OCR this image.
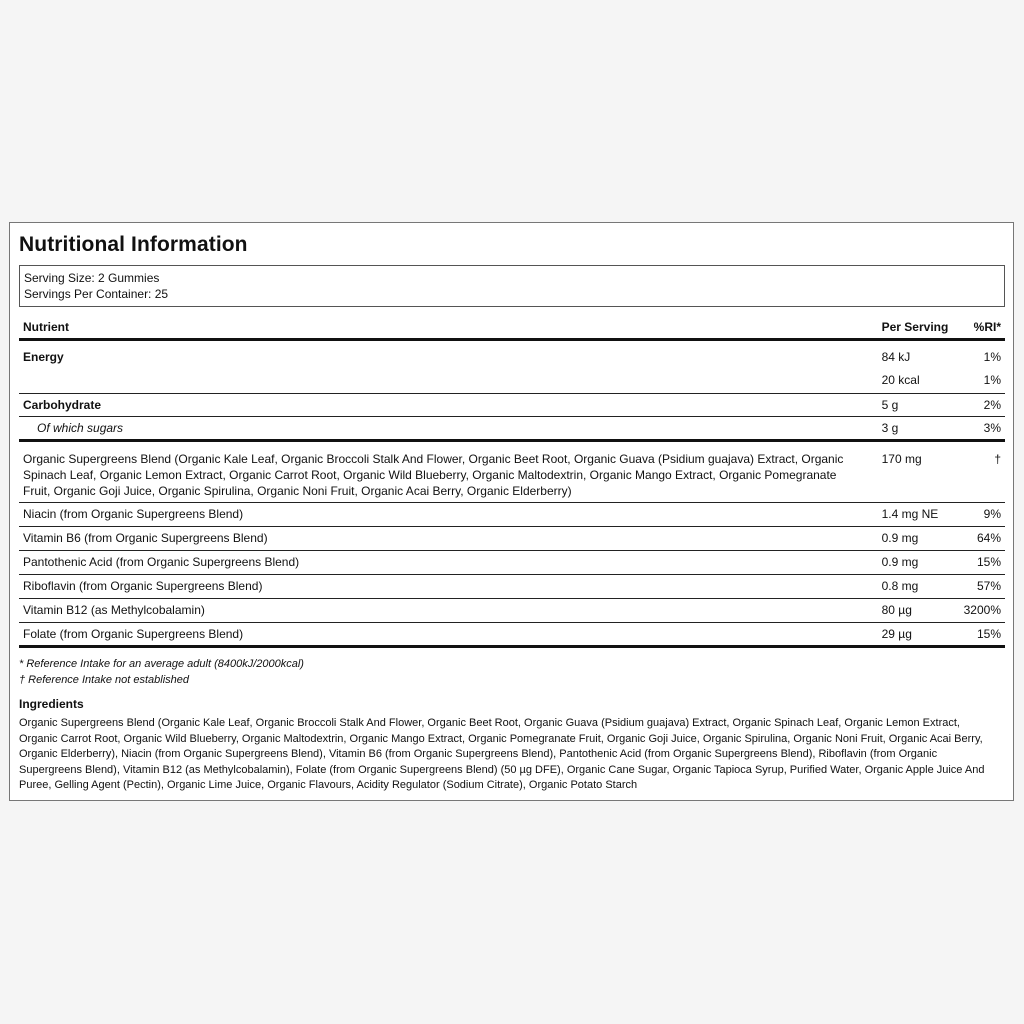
Nutritional Information
Serving Size: 2 Gummies
Servings Per Container: 25
Nutrient	Per Serving	%RI*
Energy	84 kJ	1%
	20 kcal	1%
Carbohydrate	5 g	2%
Of which sugars	3 g	3%
Organic Supergreens Blend (Organic Kale Leaf, Organic Broccoli Stalk And Flower, Organic Beet Root, Organic Guava (Psidium guajava) Extract, Organic Spinach Leaf, Organic Lemon Extract, Organic Carrot Root, Organic Wild Blueberry, Organic Maltodextrin, Organic Mango Extract, Organic Pomegranate Fruit, Organic Goji Juice, Organic Spirulina, Organic Noni Fruit, Organic Acai Berry, Organic Elderberry)	170 mg	†
Niacin (from Organic Supergreens Blend)	1.4 mg NE	9%
Vitamin B6 (from Organic Supergreens Blend)	0.9 mg	64%
Pantothenic Acid (from Organic Supergreens Blend)	0.9 mg	15%
Riboflavin (from Organic Supergreens Blend)	0.8 mg	57%
Vitamin B12 (as Methylcobalamin)	80 µg	3200%
Folate (from Organic Supergreens Blend)	29 µg	15%
* Reference Intake for an average adult (8400kJ/2000kcal)
† Reference Intake not established
Ingredients
Organic Supergreens Blend (Organic Kale Leaf, Organic Broccoli Stalk And Flower, Organic Beet Root, Organic Guava (Psidium guajava) Extract, Organic Spinach Leaf, Organic Lemon Extract, Organic Carrot Root, Organic Wild Blueberry, Organic Maltodextrin, Organic Mango Extract, Organic Pomegranate Fruit, Organic Goji Juice, Organic Spirulina, Organic Noni Fruit, Organic Acai Berry, Organic Elderberry), Niacin (from Organic Supergreens Blend), Vitamin B6 (from Organic Supergreens Blend), Pantothenic Acid (from Organic Supergreens Blend), Riboflavin (from Organic Supergreens Blend), Vitamin B12 (as Methylcobalamin), Folate (from Organic Supergreens Blend) (50 µg DFE), Organic Cane Sugar, Organic Tapioca Syrup, Purified Water, Organic Apple Juice And Puree, Gelling Agent (Pectin), Organic Lime Juice, Organic Flavours, Acidity Regulator (Sodium Citrate), Organic Potato Starch
